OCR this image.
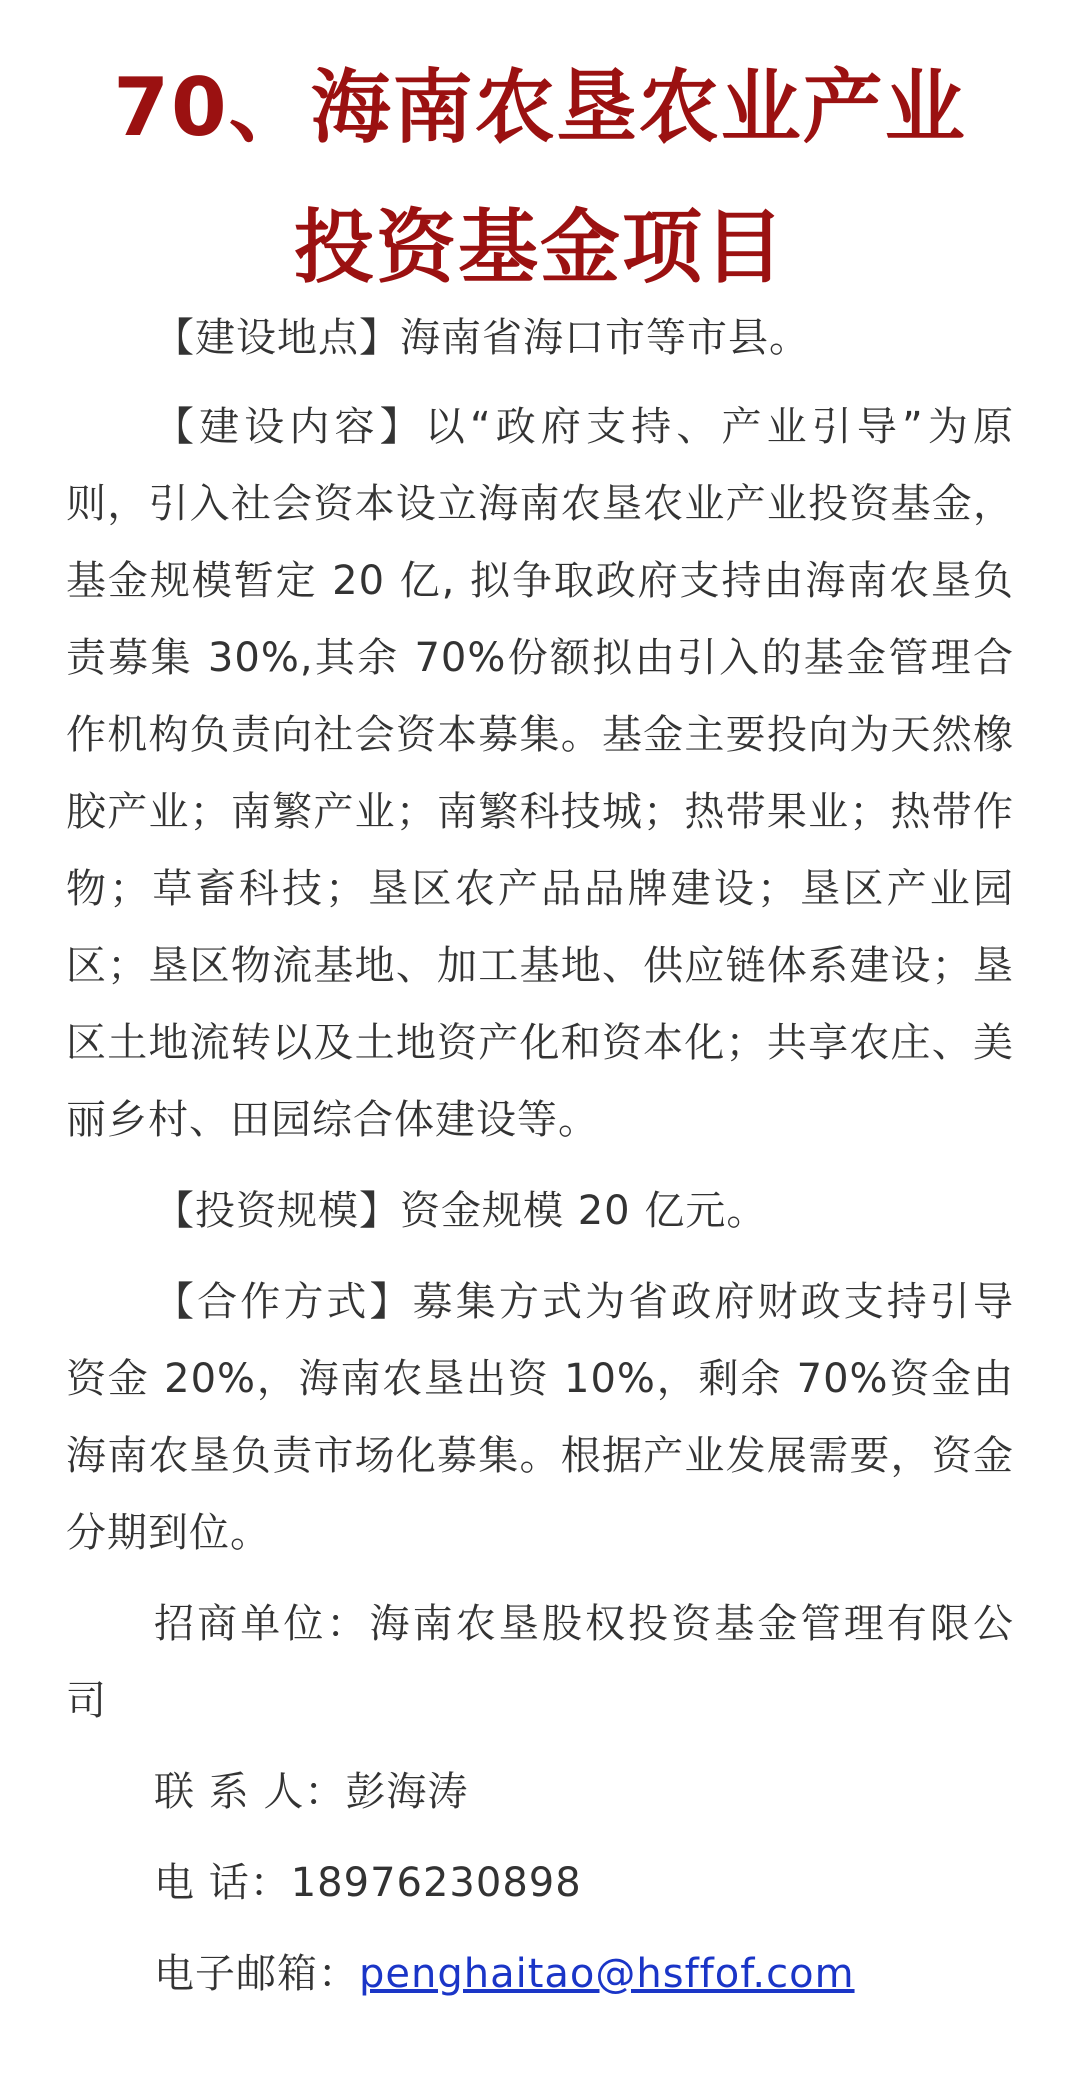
70、海南农垦农业产业
投资基金项目

【建设地点】海南省海口市等市县。

【建设内容】以“政府支持、产业引导”为原则，引入社会资本设立海南农垦农业产业投资基金，基金规模暂定 20 亿, 拟争取政府支持由海南农垦负责募集 30%,其余 70%份额拟由引入的基金管理合作机构负责向社会资本募集。基金主要投向为天然橡胶产业；南繁产业；南繁科技城；热带果业；热带作物；草畜科技；垦区农产品品牌建设；垦区产业园区；垦区物流基地、加工基地、供应链体系建设；垦区土地流转以及土地资产化和资本化；共享农庄、美丽乡村、田园综合体建设等。

【投资规模】资金规模 20 亿元。

【合作方式】募集方式为省政府财政支持引导资金 20%，海南农垦出资 10%，剩余 70%资金由海南农垦负责市场化募集。根据产业发展需要，资金分期到位。

招商单位：海南农垦股权投资基金管理有限公司

联 系 人：彭海涛

电 话：18976230898

电子邮箱：penghaitao@hsffof.com
